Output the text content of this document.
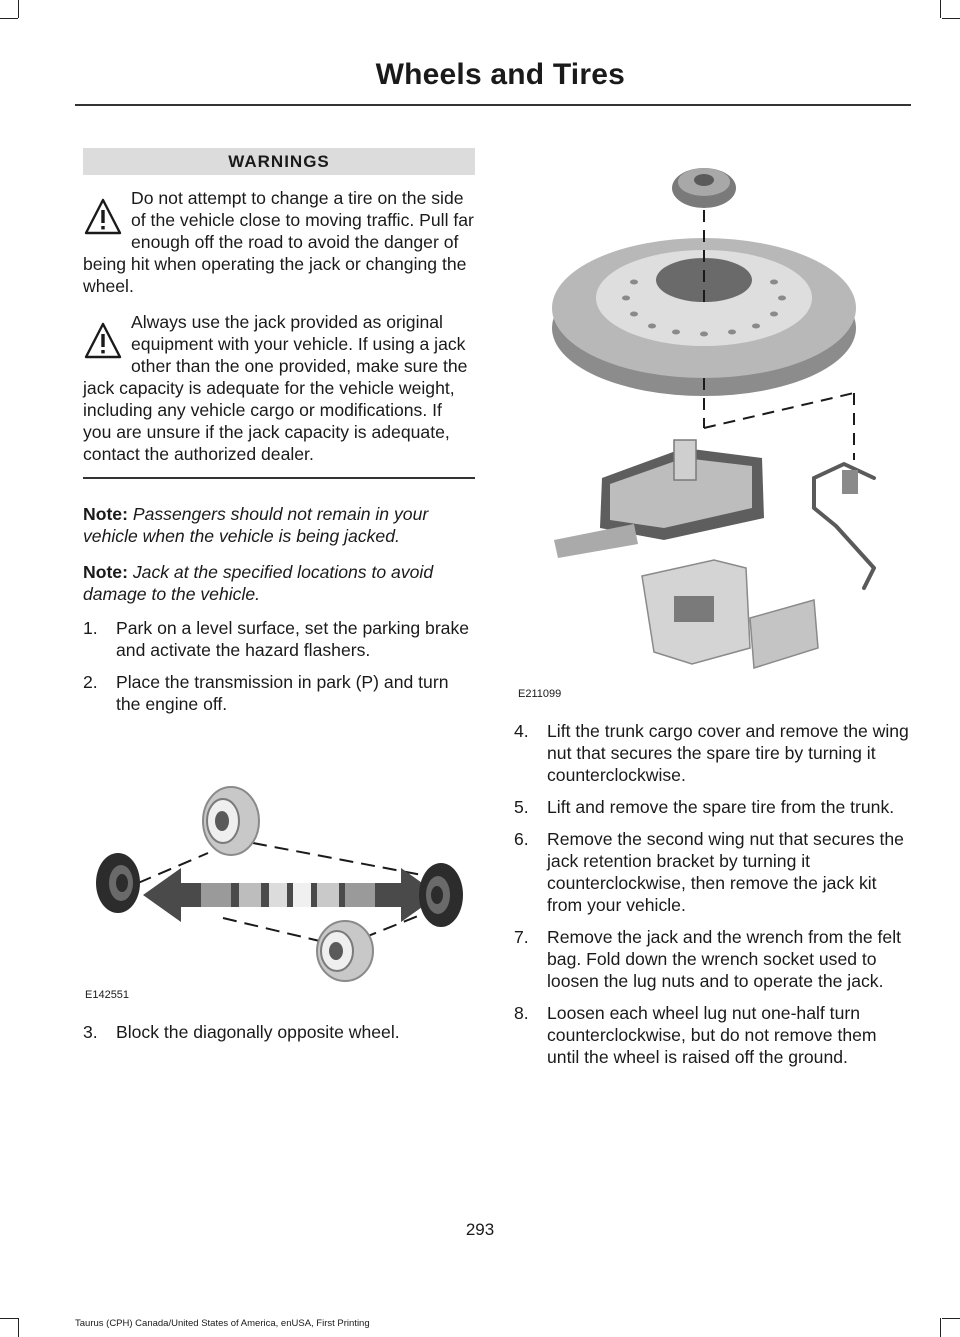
Wheels and Tires
WARNINGS
Do not attempt to change a tire on the side of the vehicle close to moving traffic. Pull far enough off the road to avoid the danger of being hit when operating the jack or changing the wheel.
Always use the jack provided as original equipment with your vehicle. If using a jack other than the one provided, make sure the jack capacity is adequate for the vehicle weight, including any vehicle cargo or modifications. If you are unsure if the jack capacity is adequate, contact the authorized dealer.
Note: Passengers should not remain in your vehicle when the vehicle is being jacked.
Note: Jack at the specified locations to avoid damage to the vehicle.
1. Park on a level surface, set the parking brake and activate the hazard flashers.
2. Place the transmission in park (P) and turn the engine off.
E142551
3. Block the diagonally opposite wheel.
E211099
4. Lift the trunk cargo cover and remove the wing nut that secures the spare tire by turning it counterclockwise.
5. Lift and remove the spare tire from the trunk.
6. Remove the second wing nut that secures the jack retention bracket by turning it counterclockwise, then remove the jack kit from your vehicle.
7. Remove the jack and the wrench from the felt bag. Fold down the wrench socket used to loosen the lug nuts and to operate the jack.
8. Loosen each wheel lug nut one-half turn counterclockwise, but do not remove them until the wheel is raised off the ground.
293
Taurus (CPH) Canada/United States of America, enUSA, First Printing
